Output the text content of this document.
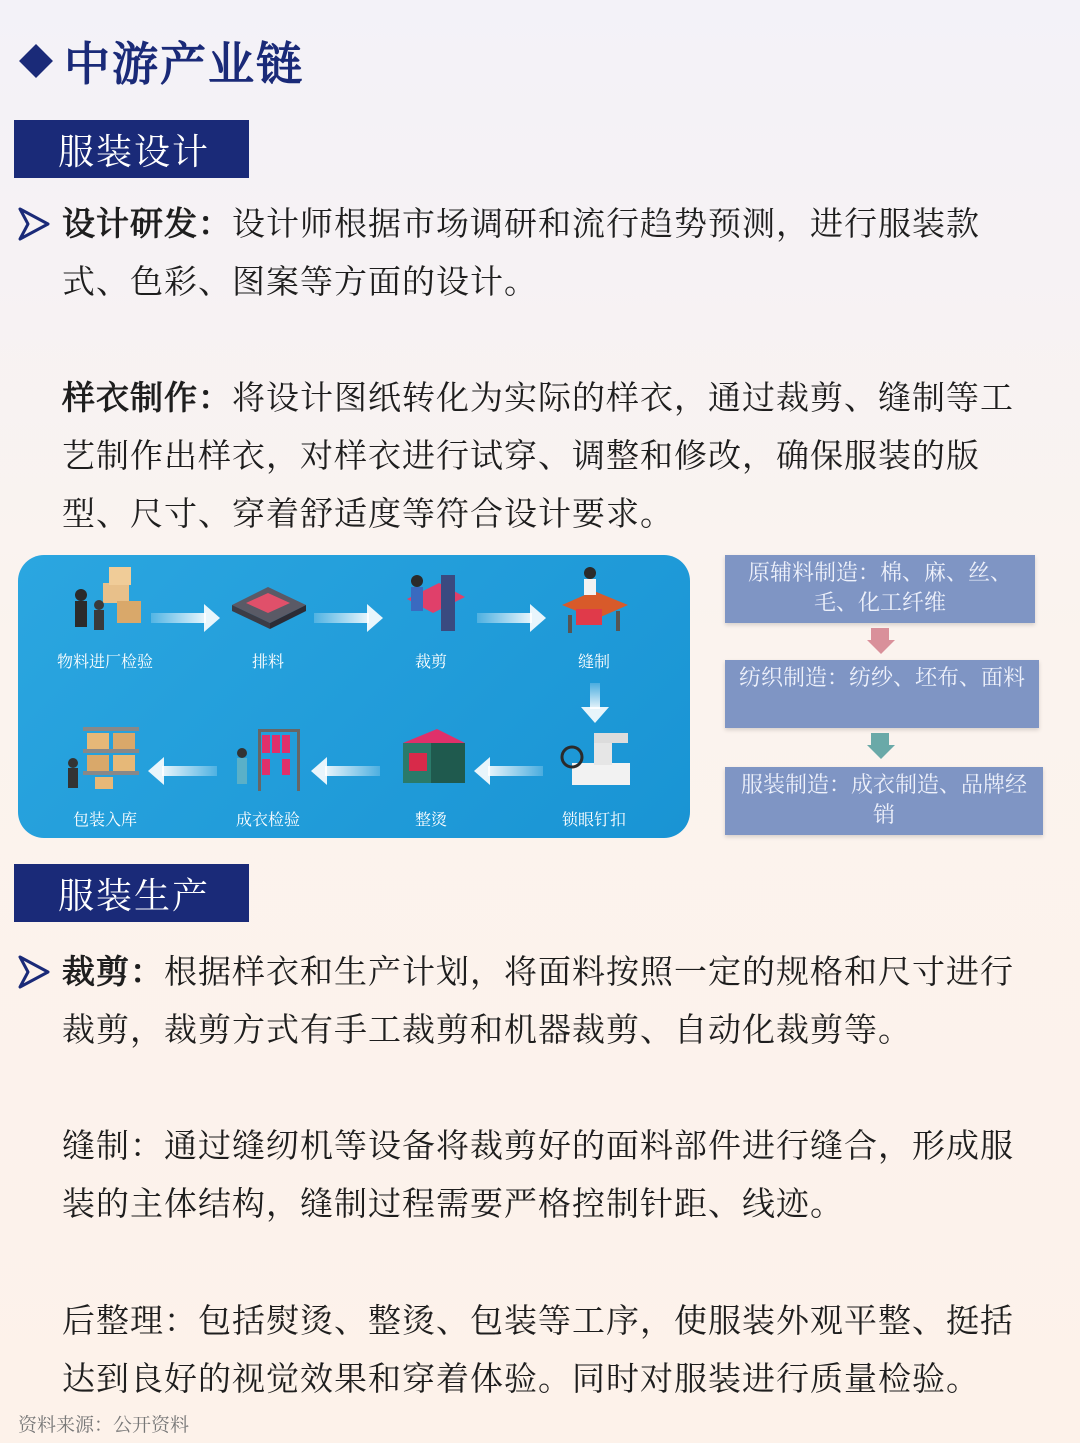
中游产业链
服装设计
设计研发：设计师根据市场调研和流行趋势预测，进行服装款
式、色彩、图案等方面的设计。
样衣制作：将设计图纸转化为实际的样衣，通过裁剪、缝制等工
艺制作出样衣，对样衣进行试穿、调整和修改，确保服装的版
型、尺寸、穿着舒适度等符合设计要求。
物料进厂检验	排料	裁剪	缝制
包装入库	成衣检验	整烫	锁眼钉扣
原辅料制造：棉、麻、丝、毛、化工纤维
纺织制造：纺纱、坯布、面料
服装制造：成衣制造、品牌经销
服装生产
裁剪：根据样衣和生产计划，将面料按照一定的规格和尺寸进行
裁剪，裁剪方式有手工裁剪和机器裁剪、自动化裁剪等。
缝制：通过缝纫机等设备将裁剪好的面料部件进行缝合，形成服
装的主体结构，缝制过程需要严格控制针距、线迹。
后整理：包括熨烫、整烫、包装等工序，使服装外观平整、挺括
达到良好的视觉效果和穿着体验。同时对服装进行质量检验。
资料来源：公开资料
